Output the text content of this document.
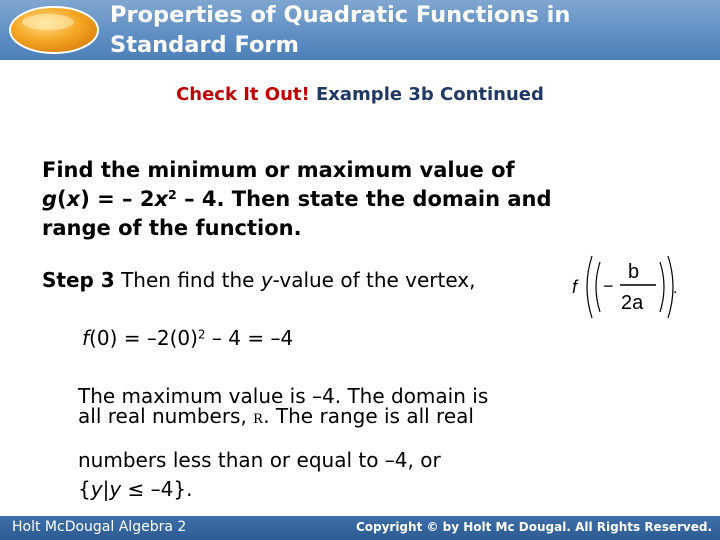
Properties of Quadratic Functions in
Standard Form
Check It Out! Example 3b Continued
Find the minimum or maximum value of
g(x) = – $2x^2 - 4$. Then state the domain and
range of the function.
Step 3 Then find the y-value of the vertex,	f −
b
2a
.
$f(0) = -2(0)^2 - 4 = -4$
The maximum value is –4. The domain is
all real numbers, R. The range is all real
numbers less than or equal to –4, or
{y|y ≤ –4}.
Holt McDougal Algebra 2	Copyright © by Holt Mc Dougal. All Rights Reserved.
